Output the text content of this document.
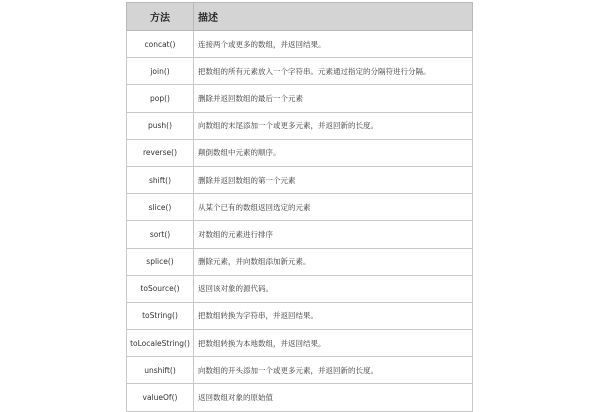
方法	描述
concat()	连接两个或更多的数组，并返回结果。
join()	把数组的所有元素放入一个字符串。元素通过指定的分隔符进行分隔。
pop()	删除并返回数组的最后一个元素
push()	向数组的末尾添加一个或更多元素，并返回新的长度。
reverse()	颠倒数组中元素的顺序。
shift()	删除并返回数组的第一个元素
slice()	从某个已有的数组返回选定的元素
sort()	对数组的元素进行排序
splice()	删除元素，并向数组添加新元素。
toSource()	返回该对象的源代码。
toString()	把数组转换为字符串，并返回结果。
toLocaleString()	把数组转换为本地数组，并返回结果。
unshift()	向数组的开头添加一个或更多元素，并返回新的长度。
valueOf()	返回数组对象的原始值
